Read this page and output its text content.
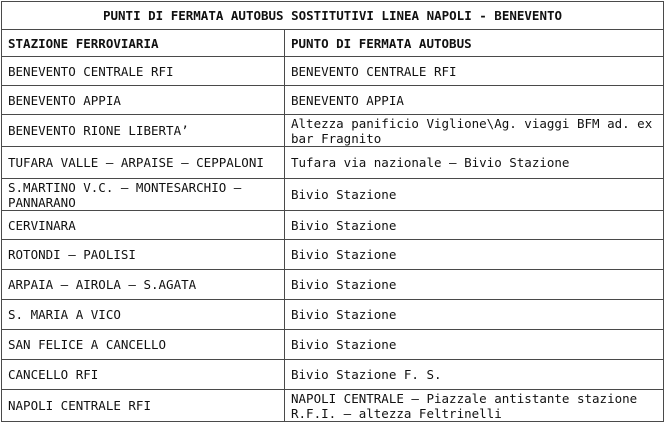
PUNTI DI FERMATA AUTOBUS SOSTITUTIVI LINEA NAPOLI - BENEVENTO	
STAZIONE FERROVIARIA	PUNTO DI FERMATA AUTOBUS
BENEVENTO CENTRALE RFI	BENEVENTO CENTRALE RFI
BENEVENTO APPIA	BENEVENTO APPIA
BENEVENTO RIONE LIBERTA’	Altezza panificio Viglione\Ag. viaggi BFM ad. ex bar Fragnito
TUFARA VALLE – ARPAISE – CEPPALONI	Tufara via nazionale – Bivio Stazione
S.MARTINO V.C. – MONTESARCHIO – PANNARANO	Bivio Stazione
CERVINARA	Bivio Stazione
ROTONDI – PAOLISI	Bivio Stazione
ARPAIA – AIROLA – S.AGATA	Bivio Stazione
S. MARIA A VICO	Bivio Stazione
SAN FELICE A CANCELLO	Bivio Stazione
CANCELLO RFI	Bivio Stazione F. S.
NAPOLI CENTRALE RFI	NAPOLI CENTRALE – Piazzale antistante stazione R.F.I. – altezza Feltrinelli
